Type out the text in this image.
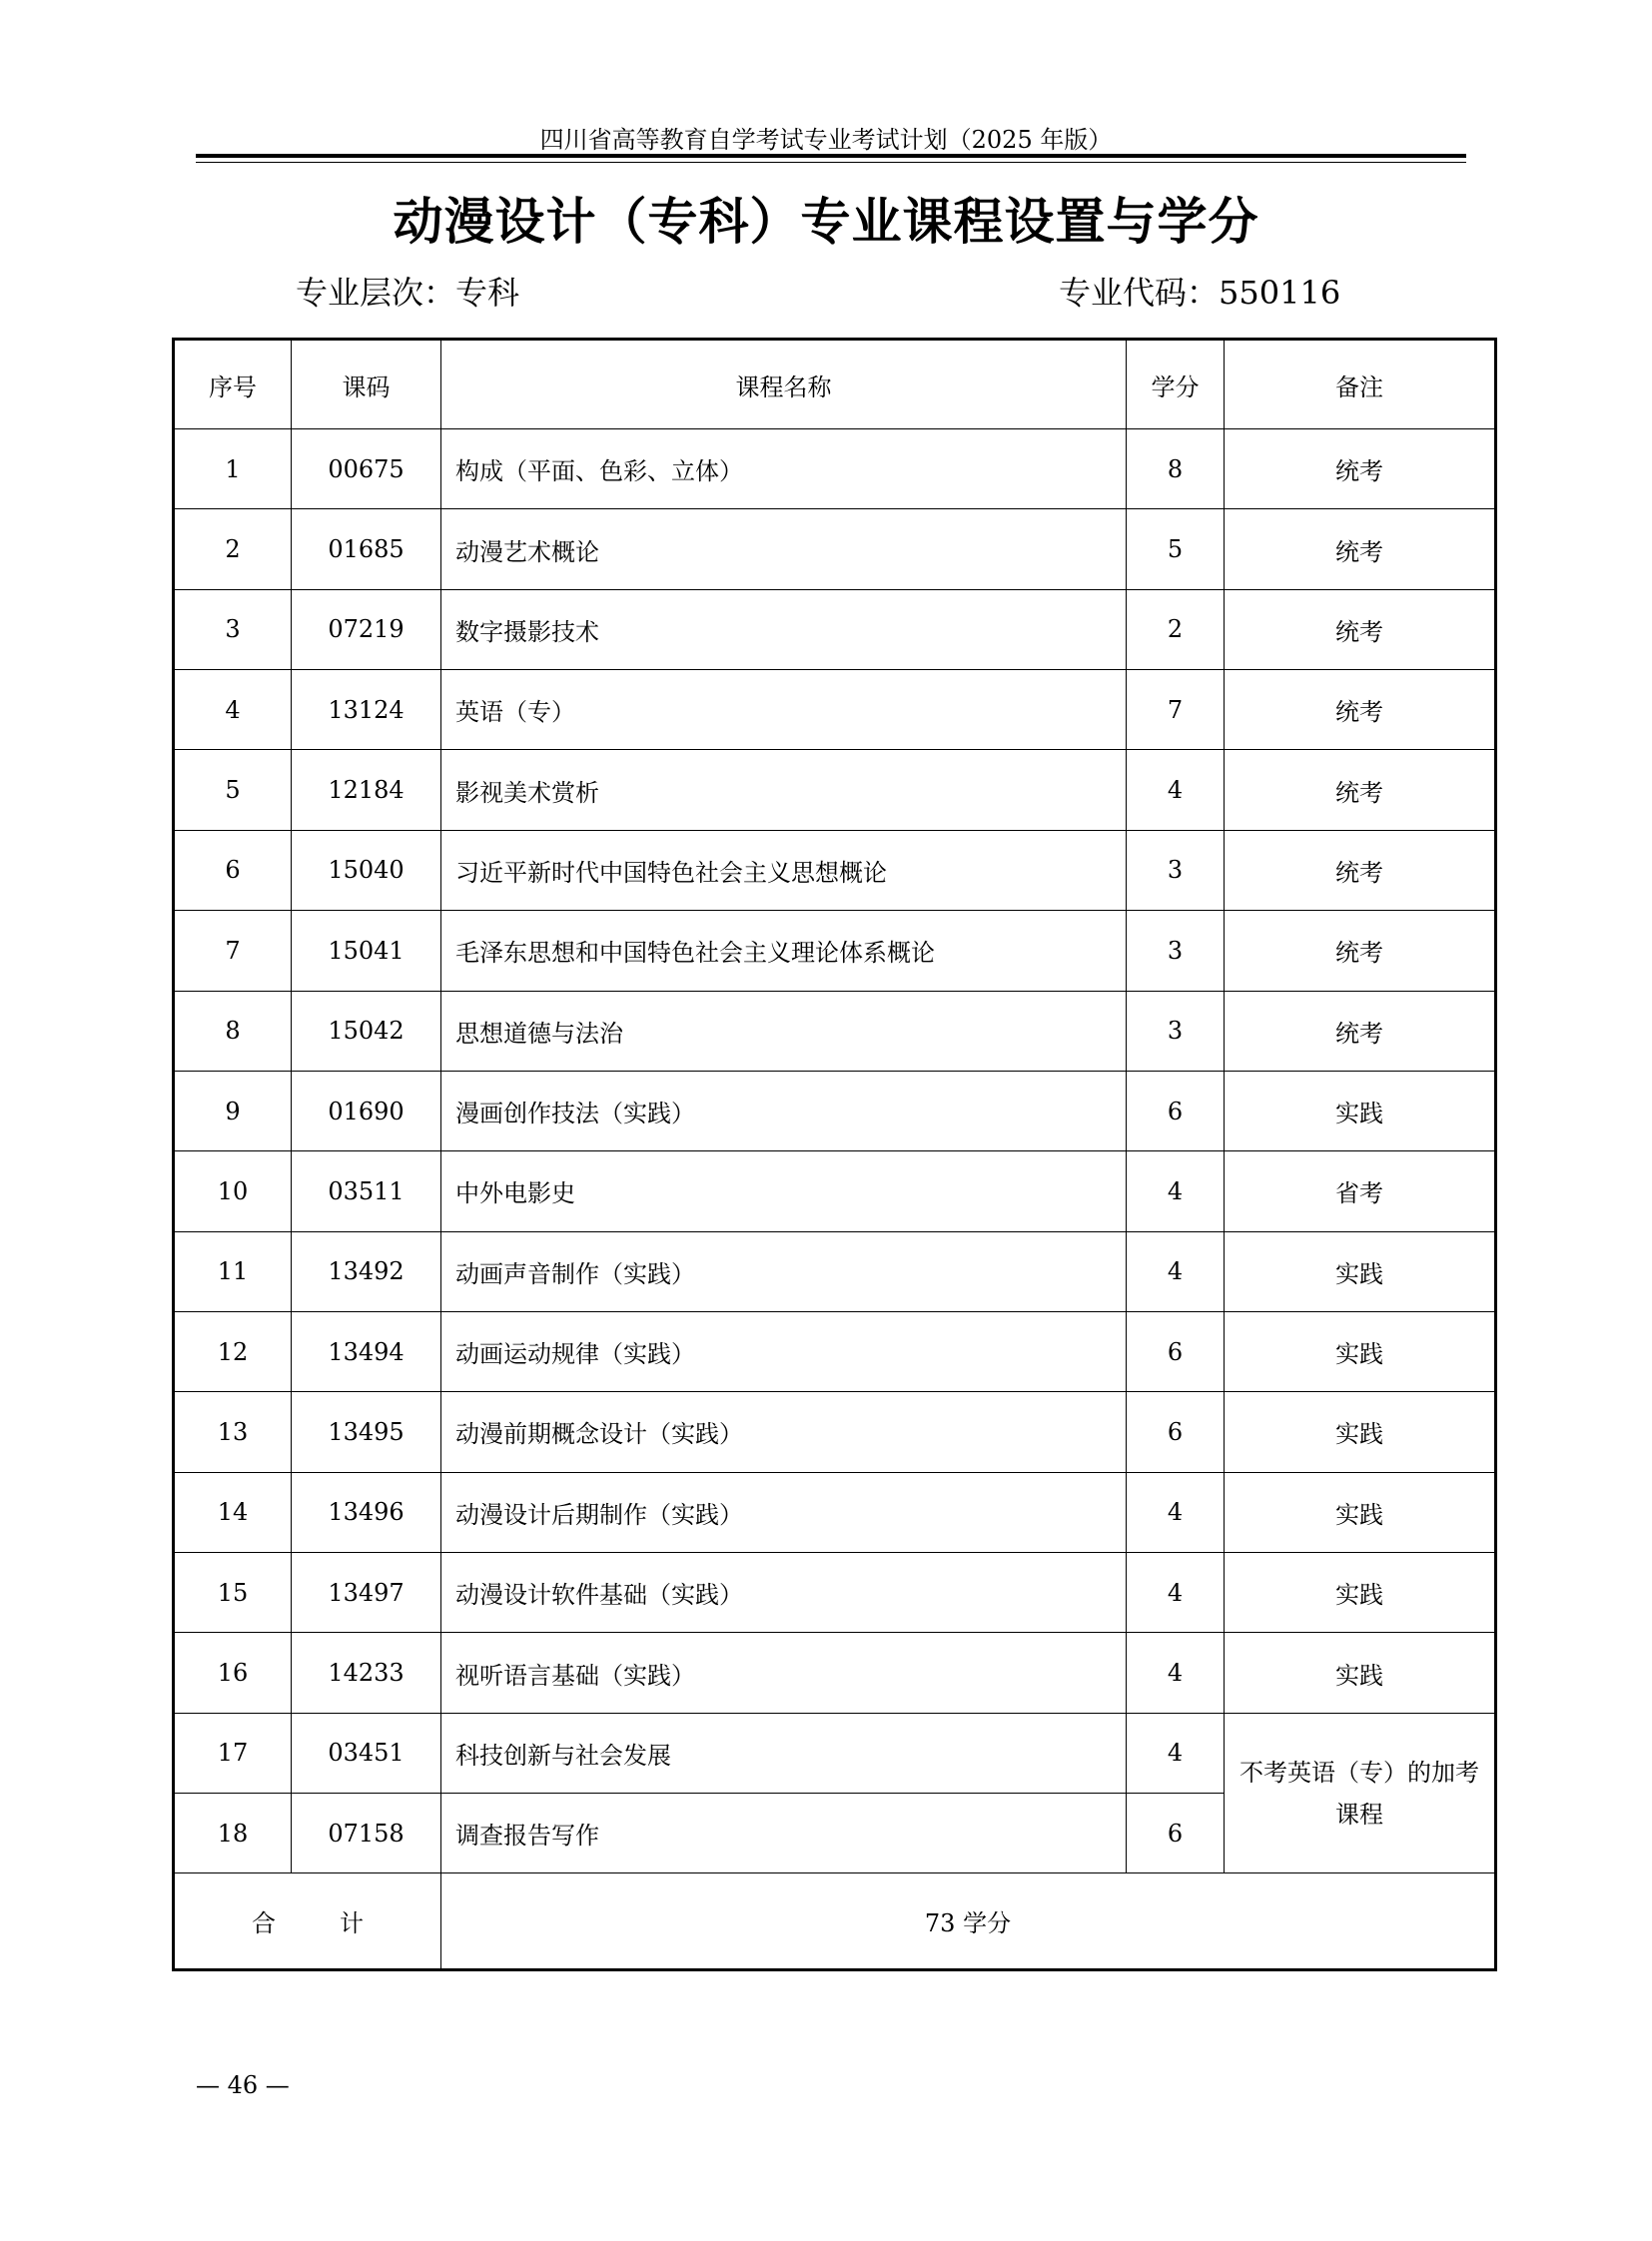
四川省高等教育自学考试专业考试计划（2025 年版）
动漫设计（专科）专业课程设置与学分
专业层次：专科	专业代码：550116
序号	课码	课程名称	学分	备注
1	00675	构成（平面、色彩、立体）	8	统考
2	01685	动漫艺术概论	5	统考
3	07219	数字摄影技术	2	统考
4	13124	英语（专）	7	统考
5	12184	影视美术赏析	4	统考
6	15040	习近平新时代中国特色社会主义思想概论	3	统考
7	15041	毛泽东思想和中国特色社会主义理论体系概论	3	统考
8	15042	思想道德与法治	3	统考
9	01690	漫画创作技法（实践）	6	实践
10	03511	中外电影史	4	省考
11	13492	动画声音制作（实践）	4	实践
12	13494	动画运动规律（实践）	6	实践
13	13495	动漫前期概念设计（实践）	6	实践
14	13496	动漫设计后期制作（实践）	4	实践
15	13497	动漫设计软件基础（实践）	4	实践
16	14233	视听语言基础（实践）	4	实践
17	03451	科技创新与社会发展	4	不考英语（专）的加考
课程

18	07158	调查报告写作	6	
合 计		73 学分		
— 46 —
